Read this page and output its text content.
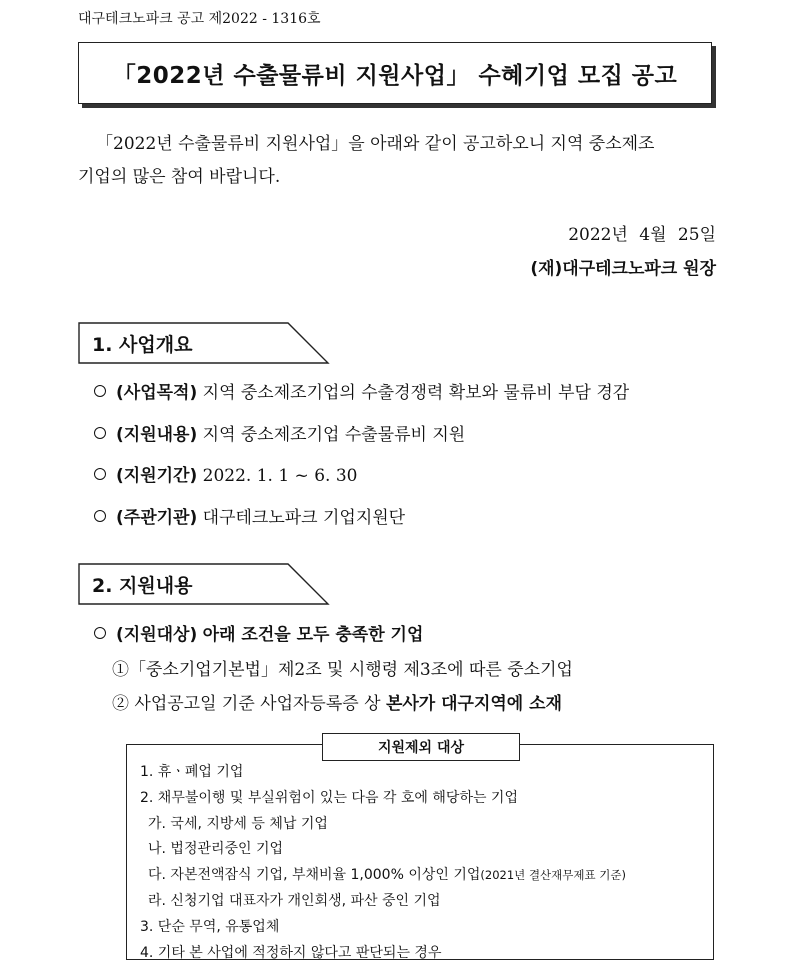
대구테크노파크 공고 제2022 - 1316호
「2022년 수출물류비 지원사업」 수혜기업 모집 공고
「2022년 수출물류비 지원사업」을 아래와 같이 공고하오니 지역 중소제조
기업의 많은 참여 바랍니다.
2022년 4월 25일
(재)대구테크노파크 원장
1. 사업개요
(사업목적) 지역 중소제조기업의 수출경쟁력 확보와 물류비 부담 경감
(지원내용) 지역 중소제조기업 수출물류비 지원
(지원기간) 2022. 1. 1 ~ 6. 30
(주관기관) 대구테크노파크 기업지원단
2. 지원내용
(지원대상) 아래 조건을 모두 충족한 기업
①「중소기업기본법」제2조 및 시행령 제3조에 따른 중소기업
② 사업공고일 기준 사업자등록증 상 본사가 대구지역에 소재
지원제외 대상
1. 휴ㆍ폐업 기업
2. 채무불이행 및 부실위험이 있는 다음 각 호에 해당하는 기업
가. 국세, 지방세 등 체납 기업
나. 법정관리중인 기업
다. 자본전액잠식 기업, 부채비율 1,000% 이상인 기업(2021년 결산재무제표 기준)
라. 신청기업 대표자가 개인회생, 파산 중인 기업
3. 단순 무역, 유통업체
4. 기타 본 사업에 적정하지 않다고 판단되는 경우
